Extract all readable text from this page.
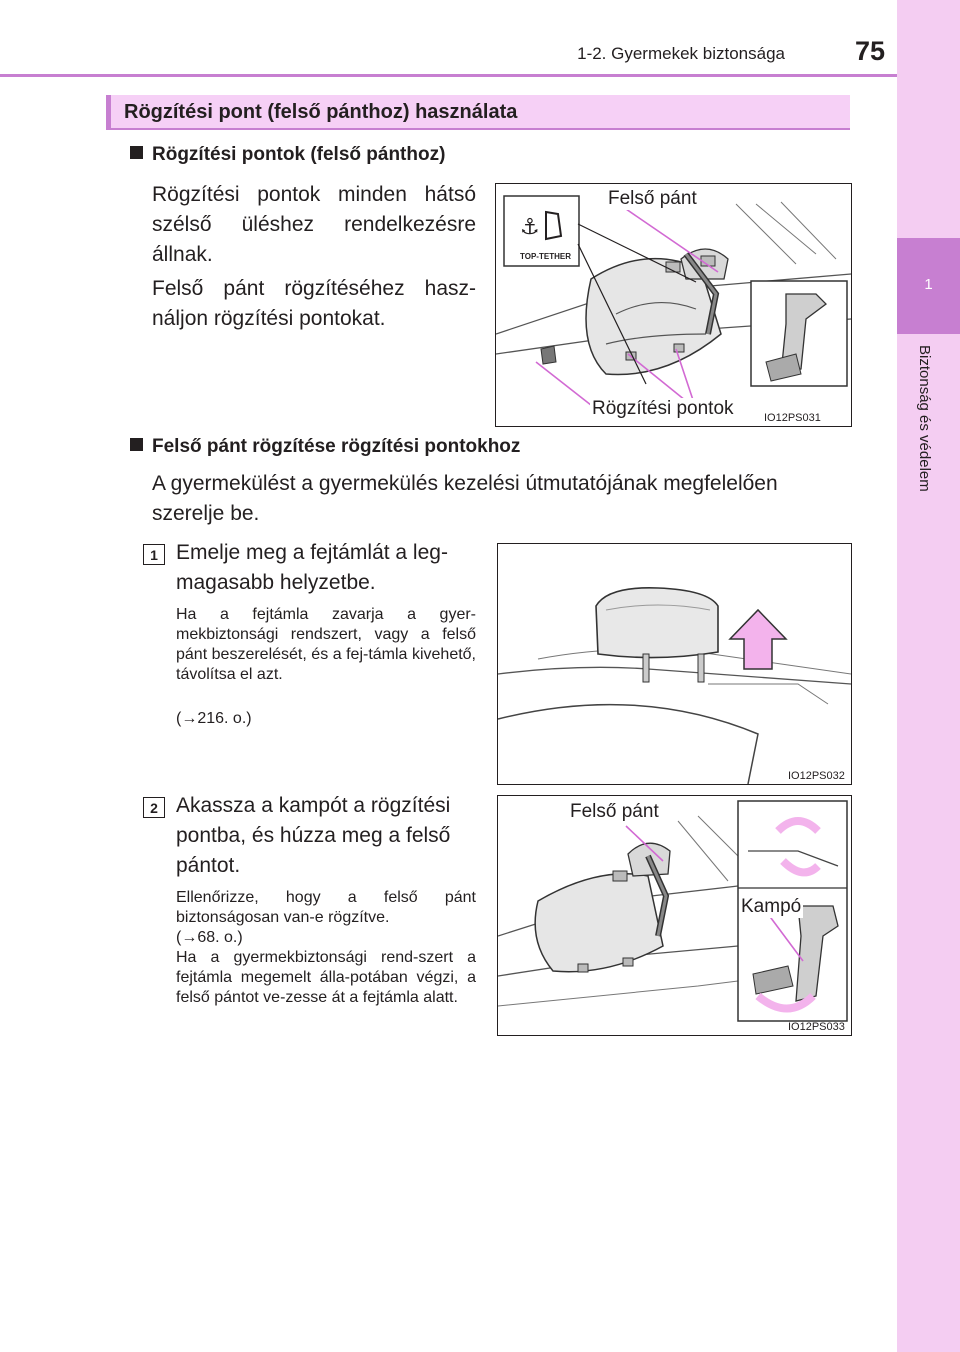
1-2. Gyermekek biztonsága	75
1
Biztonság és védelem
Rögzítési pont (felső pánthoz) használata
Rögzítési pontok (felső pánthoz)
Rögzítési pontok minden hátsó szélső üléshez rendelkezésre állnak.
Felső pánt rögzítéséhez hasz-náljon rögzítési pontokat.
⚓
Felső pánt
Rögzítési pontok
TOP-TETHER
IO12PS031
Felső pánt rögzítése rögzítési pontokhoz
A gyermekülést a gyermekülés kezelési útmutatójának megfelelően szerelje be.
1 Emelje meg a fejtámlát a leg-magasabb helyzetbe.
Ha a fejtámla zavarja a gyer-mekbiztonsági rendszert, vagy a felső pánt beszerelését, és a fej-támla kivehető, távolítsa el azt.
(→216. o.)
IO12PS032
2 Akassza a kampót a rögzítési pontba, és húzza meg a felső pántot.
Ellenőrizze, hogy a felső pánt biztonságosan van-e rögzítve.
(→68. o.)
Ha a gyermekbiztonsági rend-szert a fejtámla megemelt álla-potában végzi, a felső pántot ve-zesse át a fejtámla alatt.
Felső pánt
Kampó
IO12PS033
